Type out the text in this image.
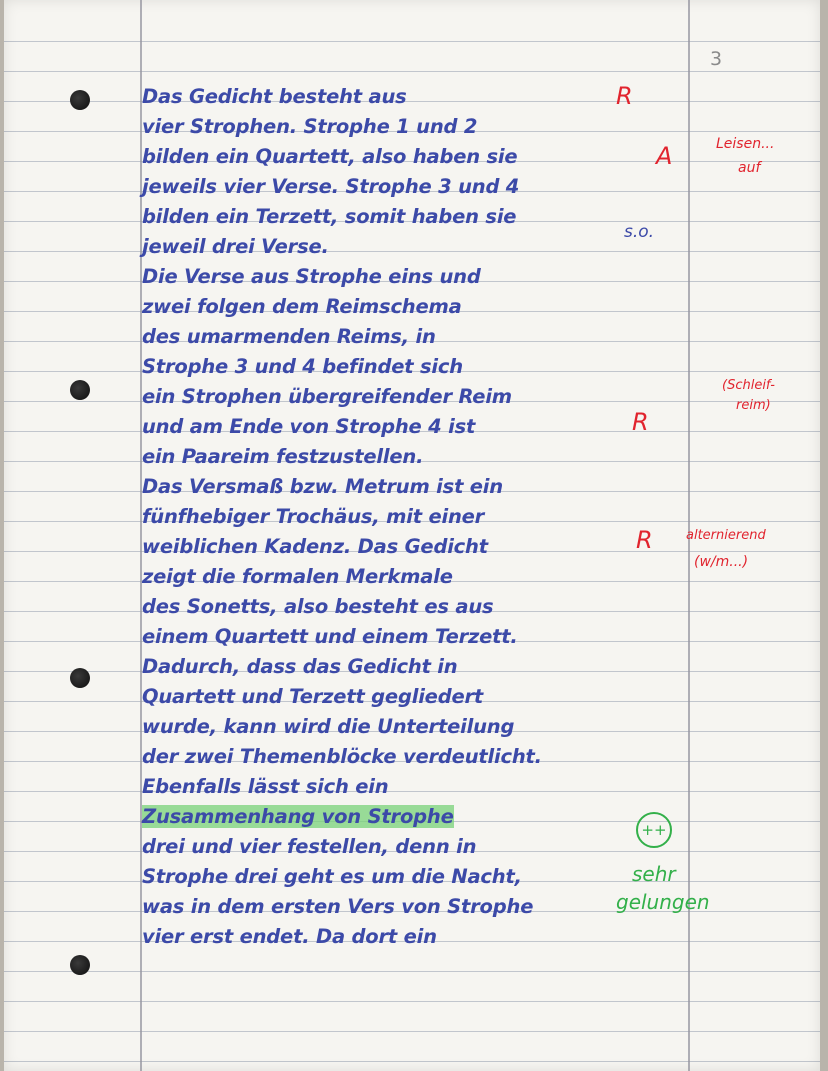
3
Das Gedicht besteht aus
vier Strophen. Strophe 1 und 2
bilden ein Quartett, also haben sie
jeweils vier Verse. Strophe 3 und 4
bilden ein Terzett, somit haben sie
jeweil drei Verse.
Die Verse aus Strophe eins und
zwei folgen dem Reimschema
des umarmenden Reims, in
Strophe 3 und 4 befindet sich
ein Strophen übergreifender Reim
und am Ende von Strophe 4 ist
ein Paareim festzustellen.
Das Versmaß bzw. Metrum ist ein
fünfhebiger Trochäus, mit einer
weiblichen Kadenz. Das Gedicht
zeigt die formalen Merkmale
des Sonetts, also besteht es aus
einem Quartett und einem Terzett.
Dadurch, dass das Gedicht in
Quartett und Terzett gegliedert
wurde, kann wird die Unterteilung
der zwei Themenblöcke verdeutlicht.
Ebenfalls lässt sich ein
Zusammenhang von Strophe
drei und vier festellen, denn in
Strophe drei geht es um die Nacht,
was in dem ersten Vers von Strophe
vier erst endet. Da dort ein
R
A	Leisen...
auf
s.o.
(Schleif-
reim)
R
R	alternierend
(w/m...)
++
sehr
gelungen
